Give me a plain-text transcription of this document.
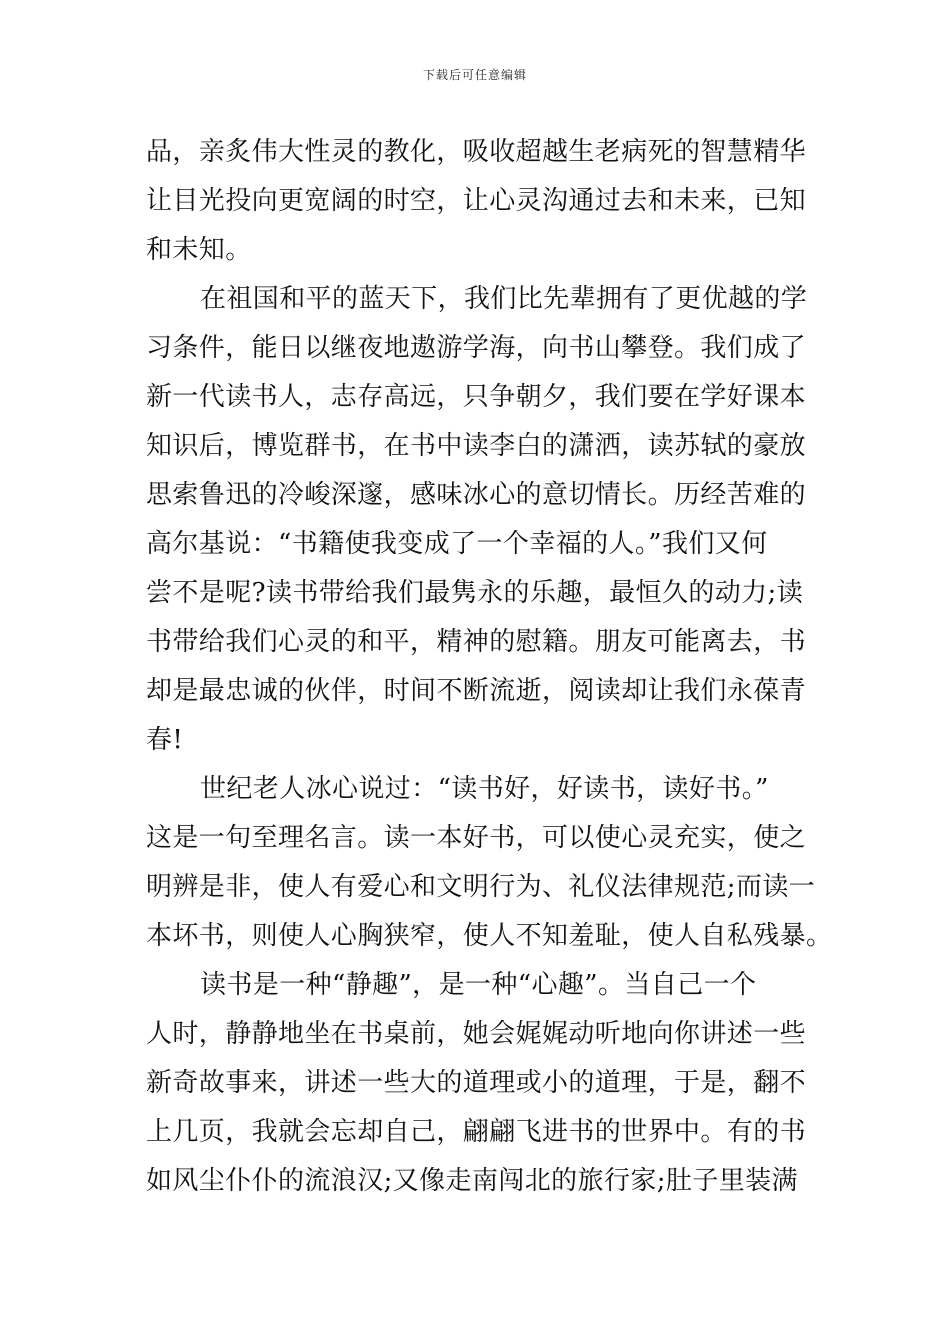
下载后可任意编辑
品，亲炙伟大性灵的教化，吸收超越生老病死的智慧精华
让目光投向更宽阔的时空，让心灵沟通过去和未来，已知
和未知。
在祖国和平的蓝天下，我们比先辈拥有了更优越的学
习条件，能日以继夜地遨游学海，向书山攀登。我们成了
新一代读书人，志存高远，只争朝夕，我们要在学好课本
知识后，博览群书，在书中读李白的潇洒，读苏轼的豪放
思索鲁迅的冷峻深邃，感味冰心的意切情长。历经苦难的
高尔基说：“书籍使我变成了一个幸福的人。”我们又何
尝不是呢?读书带给我们最隽永的乐趣，最恒久的动力;读
书带给我们心灵的和平，精神的慰籍。朋友可能离去，书
却是最忠诚的伙伴，时间不断流逝，阅读却让我们永葆青
春!
世纪老人冰心说过：“读书好，好读书，读好书。”
这是一句至理名言。读一本好书，可以使心灵充实，使之
明辨是非，使人有爱心和文明行为、礼仪法律规范;而读一
本坏书，则使人心胸狭窄，使人不知羞耻，使人自私残暴。
读书是一种“静趣”，是一种“心趣”。当自己一个
人时，静静地坐在书桌前，她会娓娓动听地向你讲述一些
新奇故事来，讲述一些大的道理或小的道理，于是，翻不
上几页，我就会忘却自己，翩翩飞进书的世界中。有的书
如风尘仆仆的流浪汉;又像走南闯北的旅行家;肚子里装满
